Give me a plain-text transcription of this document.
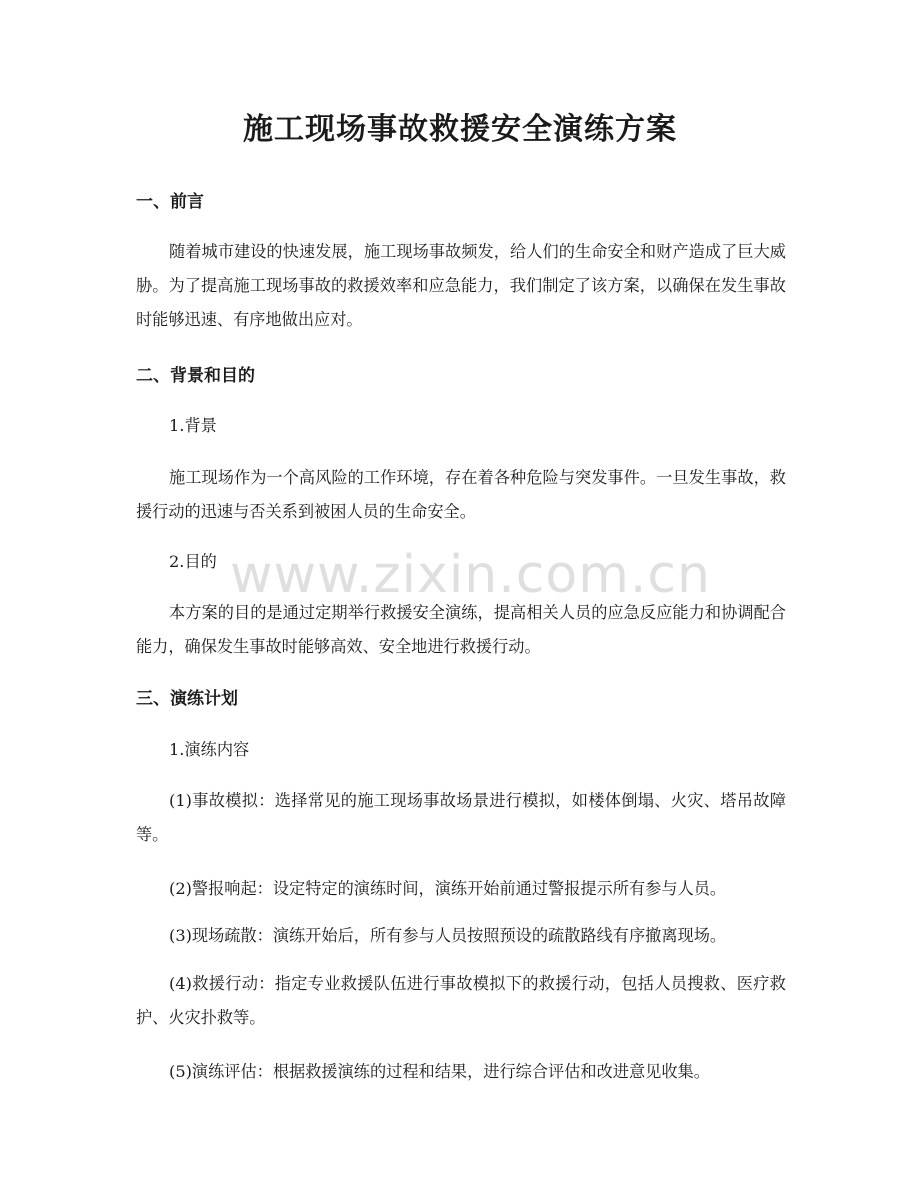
施工现场事故救援安全演练方案
一、前言
随着城市建设的快速发展，施工现场事故频发，给人们的生命安全和财产造成了巨大威胁。为了提高施工现场事故的救援效率和应急能力，我们制定了该方案，以确保在发生事故时能够迅速、有序地做出应对。
二、背景和目的
1.背景
施工现场作为一个高风险的工作环境，存在着各种危险与突发事件。一旦发生事故，救援行动的迅速与否关系到被困人员的生命安全。
2.目的
本方案的目的是通过定期举行救援安全演练，提高相关人员的应急反应能力和协调配合能力，确保发生事故时能够高效、安全地进行救援行动。
三、演练计划
1.演练内容
(1)事故模拟：选择常见的施工现场事故场景进行模拟，如楼体倒塌、火灾、塔吊故障等。
(2)警报响起：设定特定的演练时间，演练开始前通过警报提示所有参与人员。
(3)现场疏散：演练开始后，所有参与人员按照预设的疏散路线有序撤离现场。
(4)救援行动：指定专业救援队伍进行事故模拟下的救援行动，包括人员搜救、医疗救护、火灾扑救等。
(5)演练评估：根据救援演练的过程和结果，进行综合评估和改进意见收集。
www.zixin.com.cn
